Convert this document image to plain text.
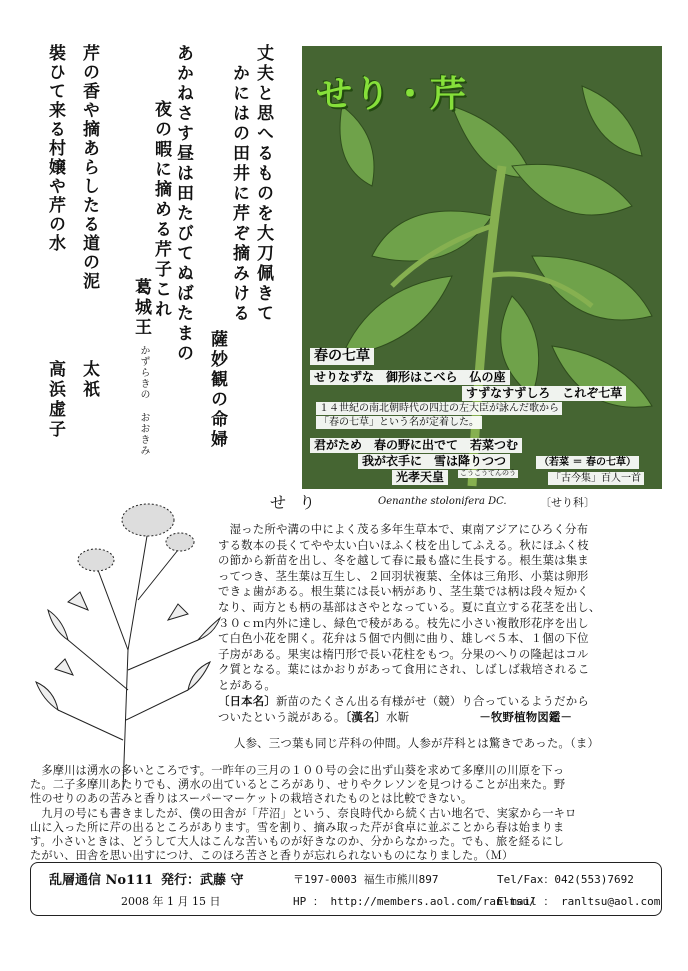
丈夫と思へるものを大刀佩きて
かにはの田井に芹ぞ摘みける
薩妙観の命婦
あかねさす昼は田たびてぬばたまの
夜の暇に摘める芹子これ
葛城王
かずらきの おおきみ
芹の香や摘あらしたる道の泥
太祇
裝ひて来る村嬢や芹の水
高浜虚子
せり・芹
春の七草
せりなずな　御形はこべら　仏の座
すずなすずしろ　これぞ七草
１４世紀の南北朝時代の四辻の左大臣が詠んだ歌から
「春の七草」という名が定着した。
君がため　春の野に出でて　若菜つむ
我が衣手に　雪は降りつつ	（若菜 ＝ 春の七草）
光孝天皇	こうこうてんのう	「古今集」百人一首
せ り	Oenanthe stolonifera DC.	〔せり科〕
　湿った所や溝の中によく茂る多年生草本で、東南アジアにひろく分布
する数本の長くてやや太い白いほふく枝を出してふえる。秋にほふく枝
の節から新苗を出し、冬を越して春に最も盛に生長する。根生葉は集ま
ってつき、茎生葉は互生し、２回羽状複葉、全体は三角形、小葉は卵形
できょ歯がある。根生葉には長い柄があり、茎生葉では柄は段々短かく
なり、両方とも柄の基部はさやとなっている。夏に直立する花茎を出し、
３０ｃｍ内外に達し、緑色で稜がある。枝先に小さい複散形花序を出し
て白色小花を開く。花弁は５個で内側に曲り、雄しべ５本、１個の下位
子房がある。果実は楕円形で長い花柱をもつ。分果のへりの隆起はコル
ク質となる。葉にはかおりがあって食用にされ、しばしば栽培されるこ
とがある。
〔日本名〕新苗のたくさん出る有様がせ（競）り合っているようだから
ついたという説がある。〔漢名〕水靳	－牧野植物図鑑－
人参、三つ葉も同じ芹科の仲間。人参が芹科とは驚きであった。（ま）
　多摩川は湧水の多いところです。一昨年の三月の１００号の会に出ず山葵を求めて多摩川の川原を下っ
た。二子多摩川あたりでも、湧水の出ているところがあり、せりやクレソンを見つけることが出来た。野
性のせりのあの苦みと香りはスーパーマーケットの栽培されたものとは比較できない。
　九月の号にも書きましたが、僕の田舎が「芹沼」という、奈良時代から続く古い地名で、実家から一キロ
山に入った所に芹の出るところがあります。雪を割り、摘み取った芹が食卓に並ぶことから春は始まりま
す。小さいときは、どうして大人はこんな苦いものが好きなのか、分からなかった。でも、旅を経るにし
たがい、田舎を思い出すにつけ、このほろ苦さと香りが忘れられないものになりました。（Ｍ）
乱層通信 No111 発行：武藤 守	〒197-0003 福生市熊川897	Tel/Fax：042(553)7692
2008 年 1 月 15 日	HP ： http://members.aol.com/ranltsu/
E-mail ： ranltsu@aol.com
